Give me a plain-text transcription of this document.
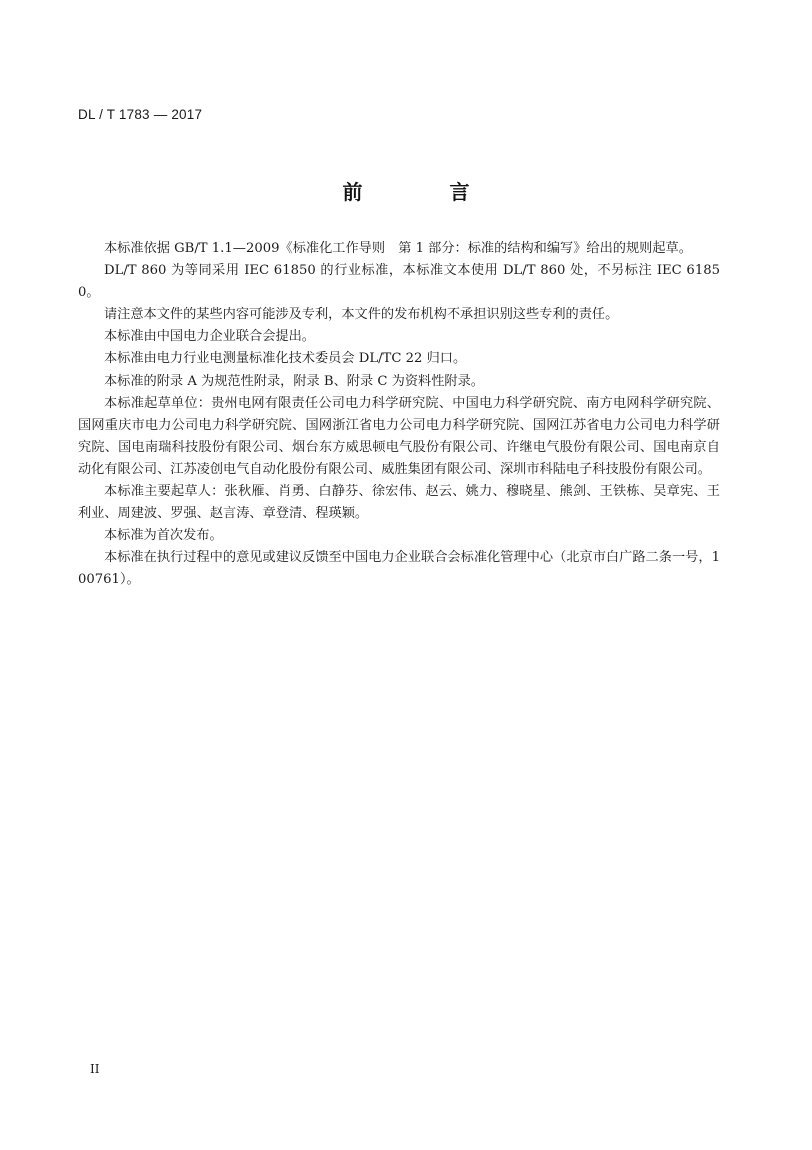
DL / T 1783 — 2017
前 言

本标准依据 GB/T 1.1—2009《标准化工作导则　第 1 部分：标准的结构和编写》给出的规则起草。

DL/T 860 为等同采用 IEC 61850 的行业标准，本标准文本使用 DL/T 860 处，不另标注 IEC 61850。

请注意本文件的某些内容可能涉及专利，本文件的发布机构不承担识别这些专利的责任。

本标准由中国电力企业联合会提出。

本标准由电力行业电测量标准化技术委员会 DL/TC 22 归口。

本标准的附录 A 为规范性附录，附录 B、附录 C 为资料性附录。

本标准起草单位：贵州电网有限责任公司电力科学研究院、中国电力科学研究院、南方电网科学研究院、国网重庆市电力公司电力科学研究院、国网浙江省电力公司电力科学研究院、国网江苏省电力公司电力科学研究院、国电南瑞科技股份有限公司、烟台东方威思顿电气股份有限公司、许继电气股份有限公司、国电南京自动化有限公司、江苏凌创电气自动化股份有限公司、威胜集团有限公司、深圳市科陆电子科技股份有限公司。

本标准主要起草人：张秋雁、肖勇、白静芬、徐宏伟、赵云、姚力、穆晓星、熊剑、王铁栋、吴章宪、王利业、周建波、罗强、赵言涛、章登清、程瑛颖。

本标准为首次发布。

本标准在执行过程中的意见或建议反馈至中国电力企业联合会标准化管理中心（北京市白广路二条一号，100761）。

II
